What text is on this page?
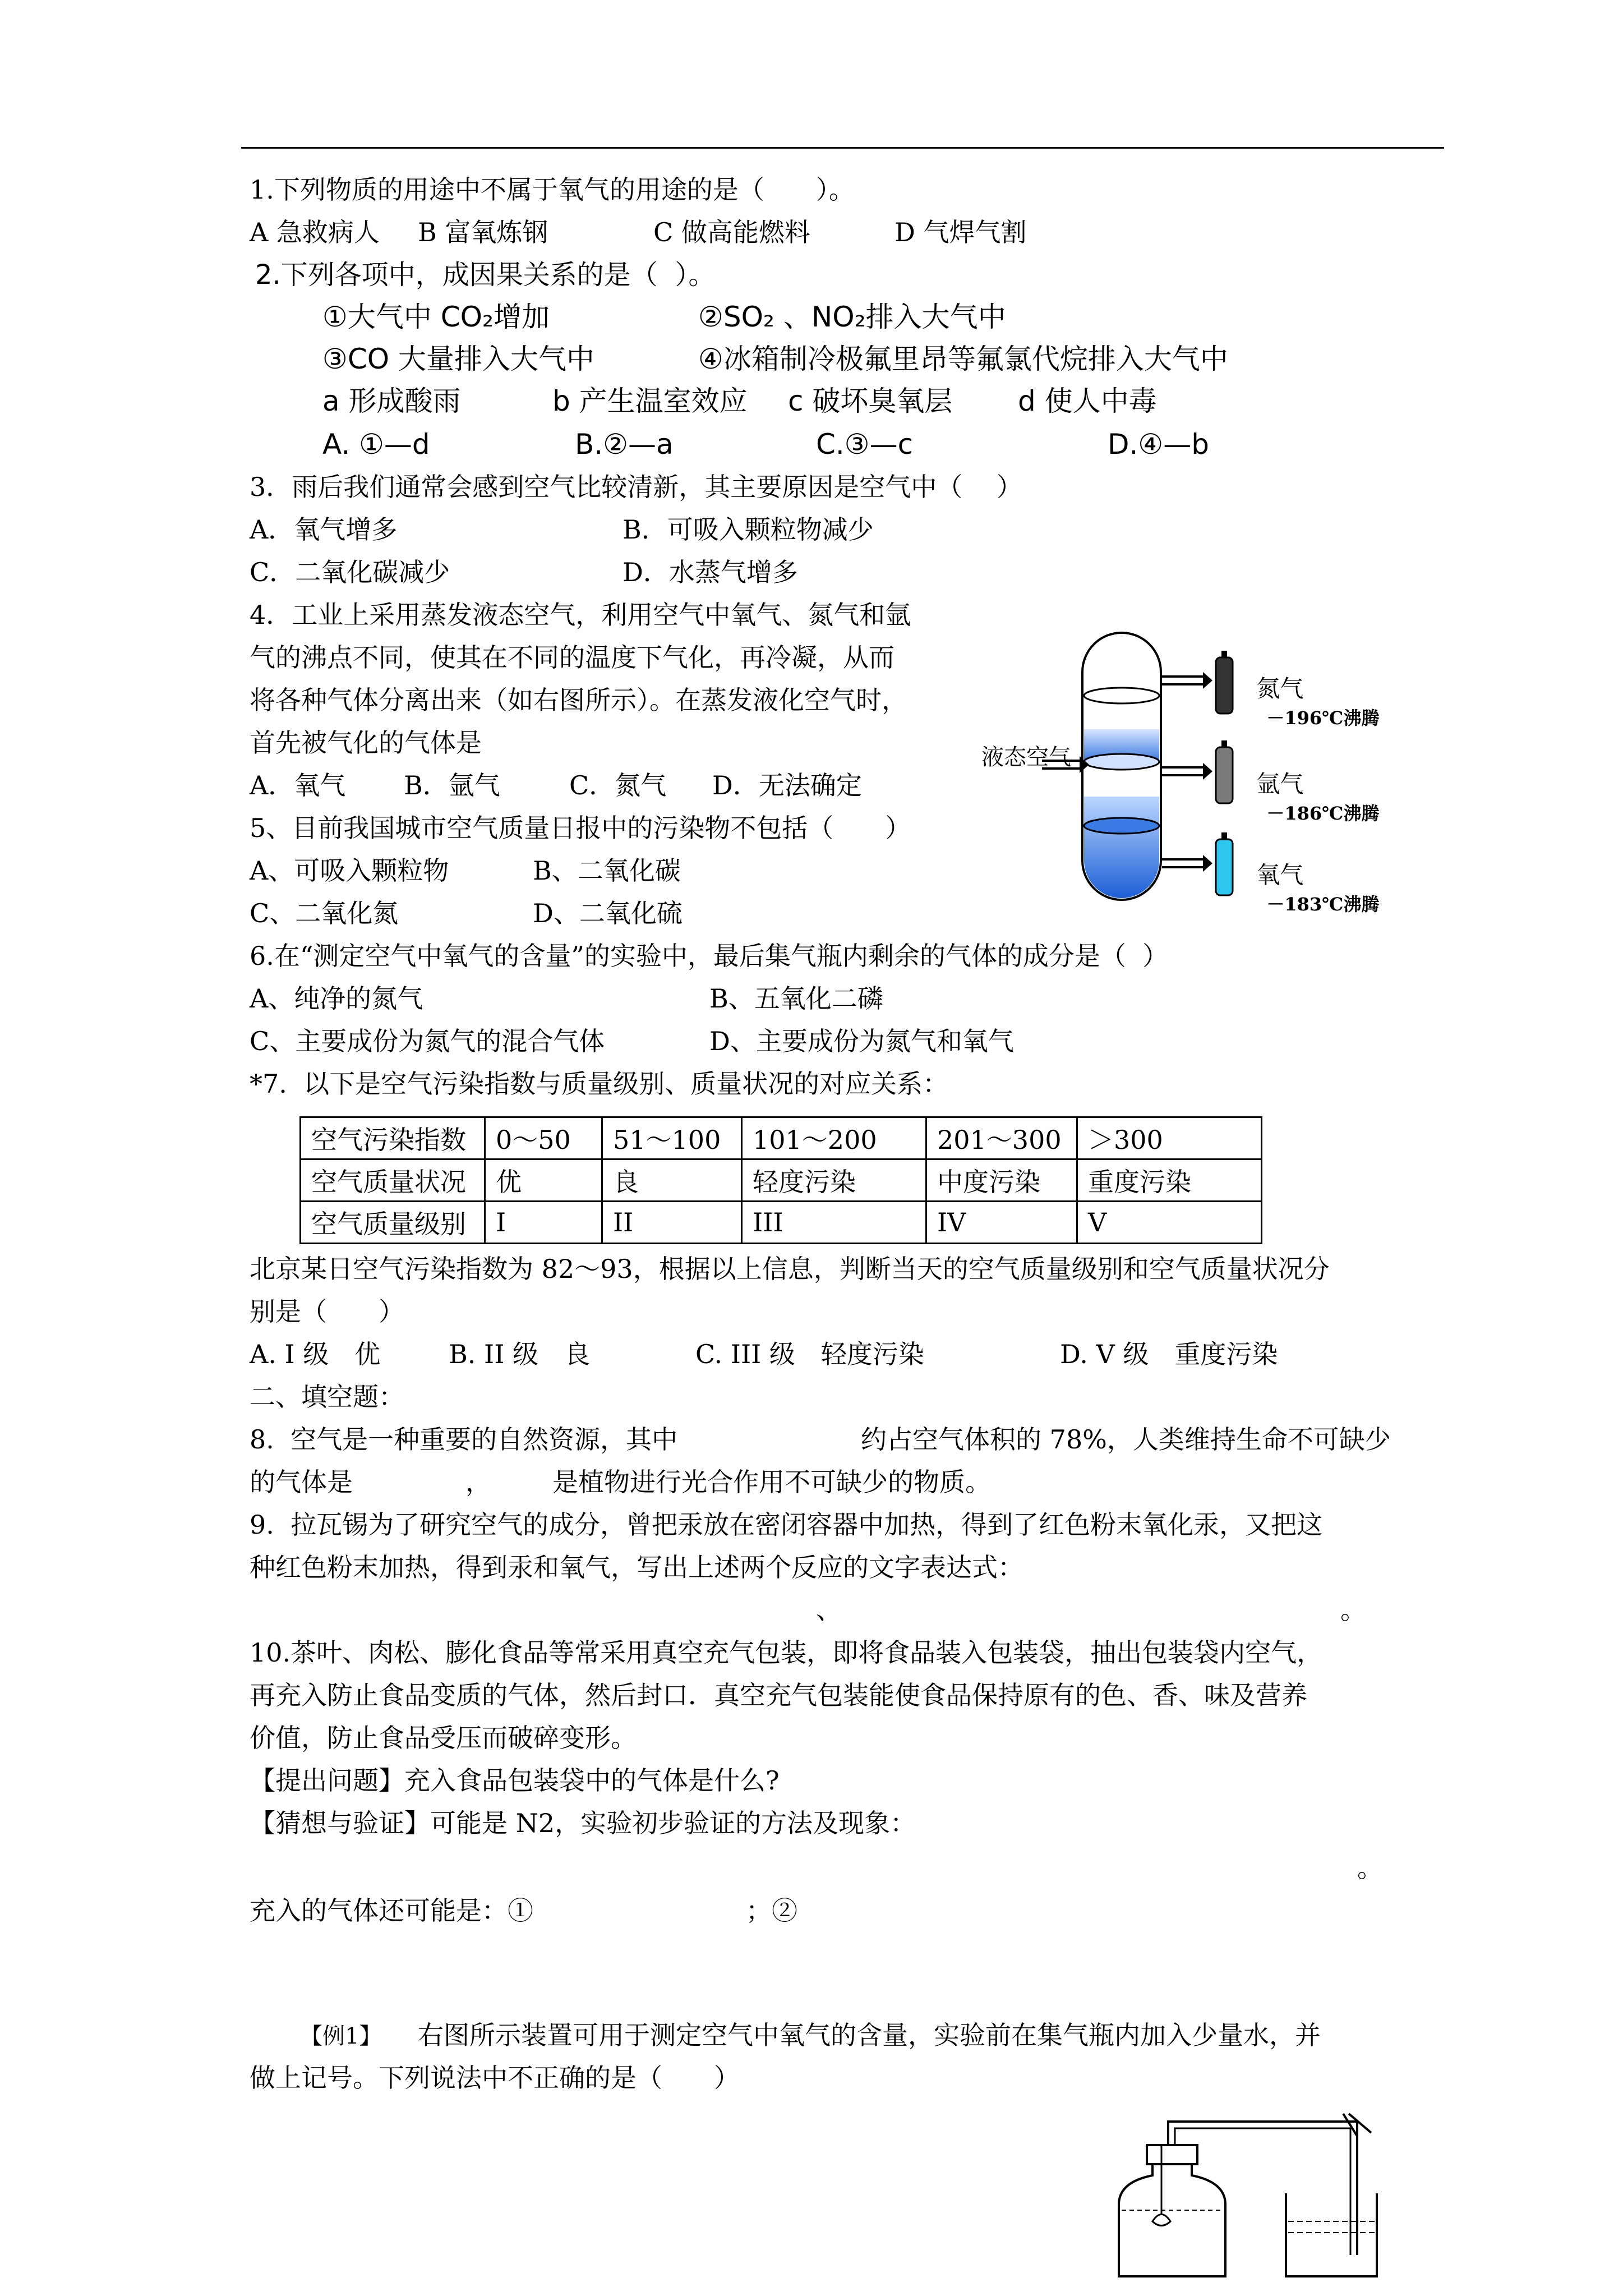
1.下列物质的用途中不属于氧气的用途的是（　　）。

A 急救病人

B 富氧炼钢

	C 做高能燃料

	D 气焊气割

2.下列各项中，成因果关系的是（  ）。

①大气中 CO₂增加

	②SO₂ 、NO₂排入大气中

③CO 大量排入大气中

	④冰箱制冷极氟里昂等氟氯代烷排入大气中

a 形成酸雨

	b 产生温室效应

c 破坏臭氧层

d 使人中毒

A. ①—d

	B.②—a

	C.③—c

	D.④—b

3．雨后我们通常会感到空气比较清新，其主要原因是空气中（　 ）

A．氧气增多

	B．可吸入颗粒物减少

C．二氧化碳减少

	D．水蒸气增多

4．工业上采用蒸发液态空气，利用空气中氧气、氮气和氩
气的沸点不同，使其在不同的温度下气化，再冷凝，从而
将各种气体分离出来（如右图所示）。在蒸发液化空气时，
首先被气化的气体是

A．氧气

B．氩气

	C．氮气

D．无法确定

液态空气

氮气
－196℃沸腾

氩气
－186℃沸腾

氧气
－183℃沸腾

5、目前我国城市空气质量日报中的污染物不包括（　　）

A、可吸入颗粒物

	B、二氧化碳

C、二氧化氮

	D、二氧化硫

6.在“测定空气中氧气的含量”的实验中，最后集气瓶内剩余的气体的成分是（  ）

A、纯净的氮气

	B、五氧化二磷

C、主要成份为氮气的混合气体

	D、主要成份为氮气和氧气

*7.  以下是空气污染指数与质量级别、质量状况的对应关系：
空气污染指数	0～50	51～100	101～200	201～300	＞300
空气质量状况	优	良	轻度污染	中度污染	重度污染
空气质量级别	I	II	III	IV	V
北京某日空气污染指数为 82～93，根据以上信息，判断当天的空气质量级别和空气质量状况分
别是（　　）

A. I 级　优

	B. II 级　良

	C. III 级　轻度污染

	D. V 级　重度污染

二、填空题：
8.  空气是一种重要的自然资源，其中	约占空气体积的 78%，人类维持生命不可缺少
的气体是	， 是植物进行光合作用不可缺少的物质。
9.  拉瓦锡为了研究空气的成分，曾把汞放在密闭容器中加热，得到了红色粉末氧化汞，又把这
种红色粉末加热，得到汞和氧气，写出上述两个反应的文字表达式：
、	。
10.茶叶、肉松、膨化食品等常采用真空充气包装，即将食品装入包装袋，抽出包装袋内空气，
再充入防止食品变质的气体，然后封口．真空充气包装能使食品保持原有的色、香、味及营养
价值，防止食品受压而破碎变形。
【提出问题】充入食品包装袋中的气体是什么?
【猜想与验证】可能是 N2，实验初步验证的方法及现象：
。
充入的气体还可能是：①	；②
【例1】 右图所示装置可用于测定空气中氧气的含量，实验前在集气瓶内加入少量水，并
做上记号。下列说法中不正确的是（　　）
